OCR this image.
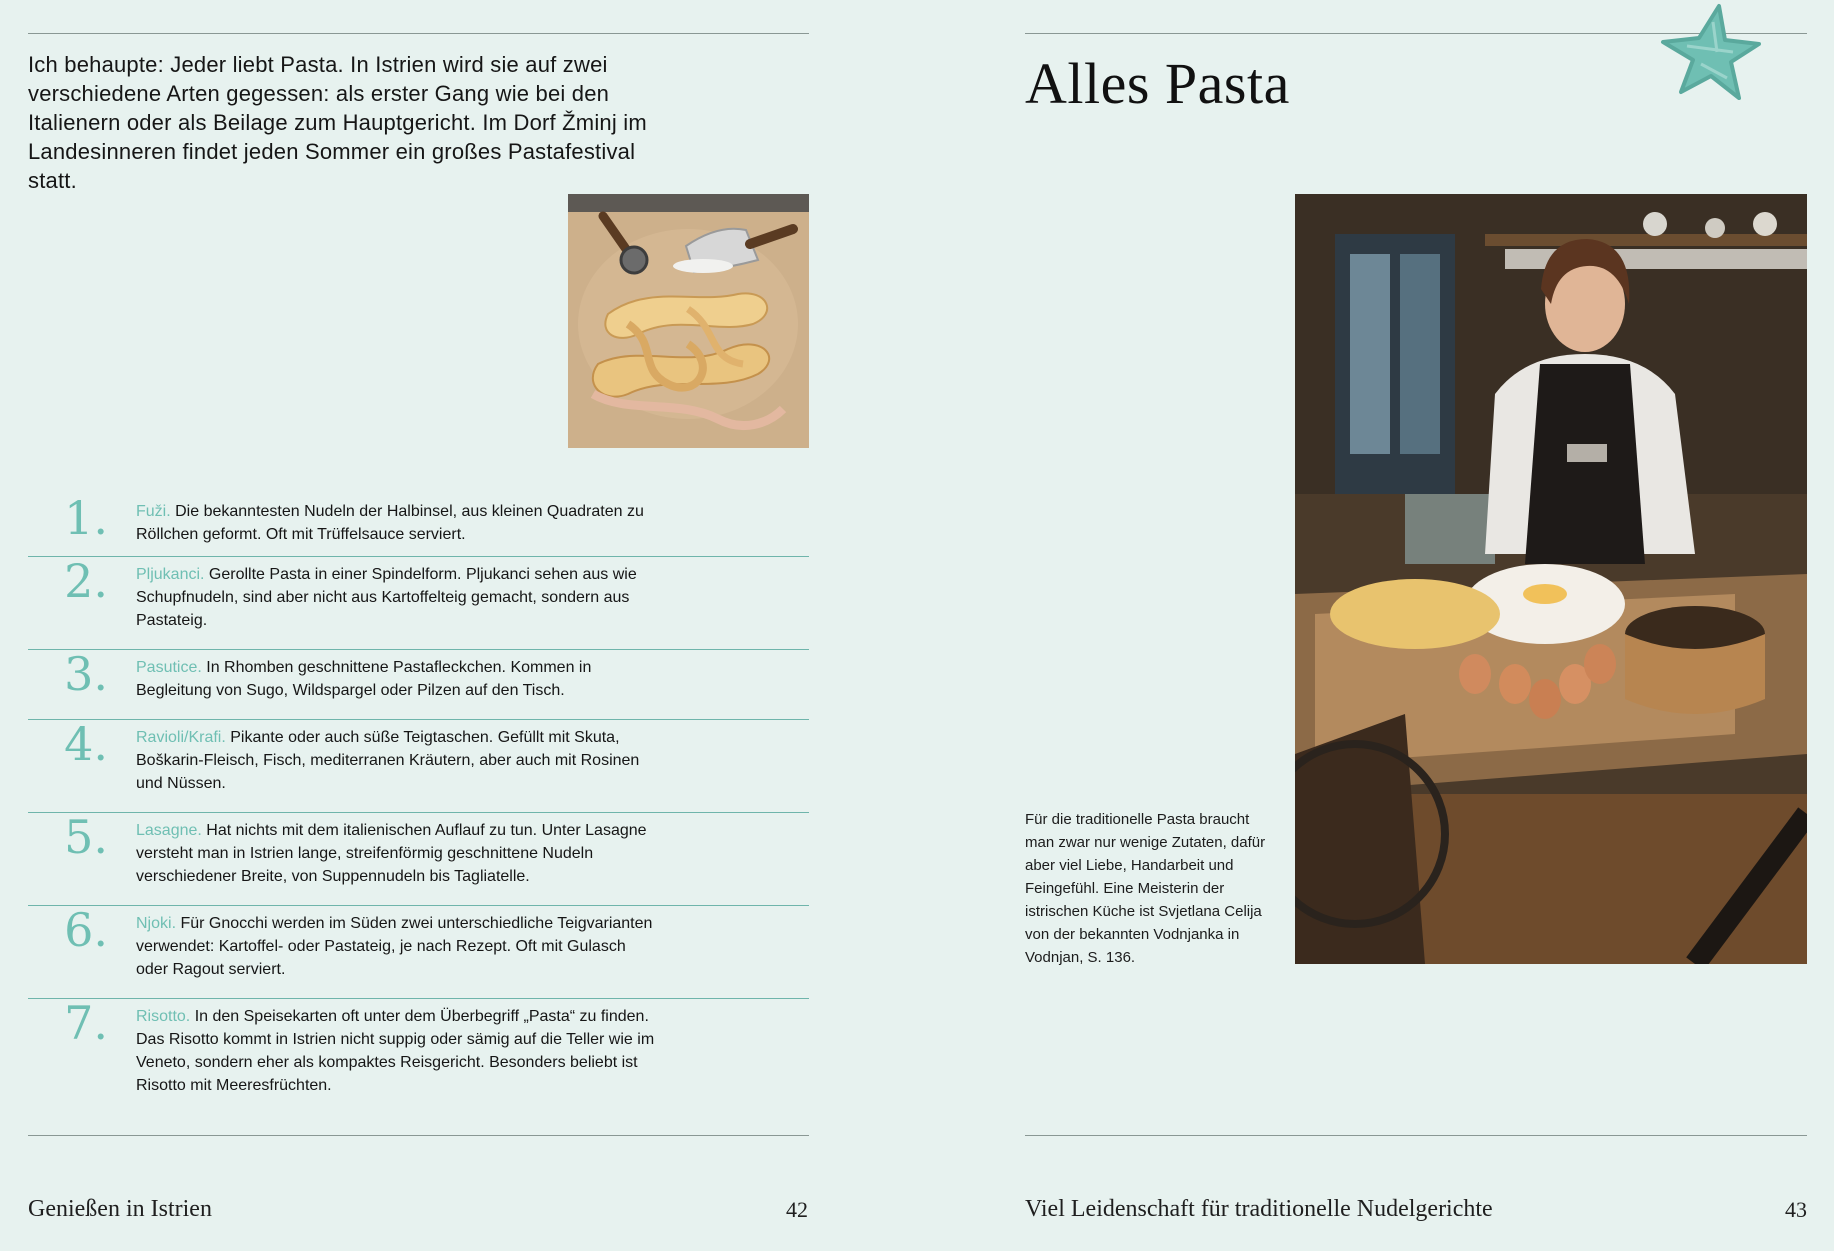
Ich behaupte: Jeder liebt Pasta. In Istrien wird sie auf zwei verschiedene Arten gegessen: als erster Gang wie bei den Italienern oder als Beilage zum Hauptgericht. Im Dorf Žminj im Landesinneren findet jeden Sommer ein großes Pastafestival statt.

1.	Fuži. Die bekanntesten Nudeln der Halbinsel, aus kleinen Quadraten zu Röllchen geformt. Oft mit Trüffelsauce serviert.
2.	Pljukanci. Gerollte Pasta in einer Spindelform. Pljukanci sehen aus wie Schupfnudeln, sind aber nicht aus Kartoffelteig gemacht, sondern aus Pastateig.
3.	Pasutice. In Rhomben geschnittene Pastafleckchen. Kommen in Begleitung von Sugo, Wildspargel oder Pilzen auf den Tisch.
4.	Ravioli/Krafi. Pikante oder auch süße Teigtaschen. Gefüllt mit Skuta, Boškarin-Fleisch, Fisch, mediterranen Kräutern, aber auch mit Rosinen und Nüssen.
5.	Lasagne. Hat nichts mit dem italienischen Auflauf zu tun. Unter Lasagne versteht man in Istrien lange, streifenförmig geschnittene Nudeln verschiedener Breite, von Suppennudeln bis Tagliatelle.
6.	Njoki. Für Gnocchi werden im Süden zwei unterschiedliche Teigvarianten verwendet: Kartoffel- oder Pastateig, je nach Rezept. Oft mit Gulasch oder Ragout serviert.
7.	Risotto. In den Speisekarten oft unter dem Überbegriff „Pasta“ zu finden. Das Risotto kommt in Istrien nicht suppig oder sämig auf die Teller wie im Veneto, sondern eher als kompaktes Reisgericht. Besonders beliebt ist Risotto mit Meeresfrüchten.
Genießen in Istrien	42
Alles Pasta

Für die traditionelle Pasta braucht man zwar nur wenige Zutaten, dafür aber viel Liebe, Handarbeit und Feingefühl. Eine Meisterin der istrischen Küche ist Svjetlana Celija von der bekannten Vodnjanka in Vodnjan, S. 136.

Viel Leidenschaft für traditionelle Nudelgerichte	43
